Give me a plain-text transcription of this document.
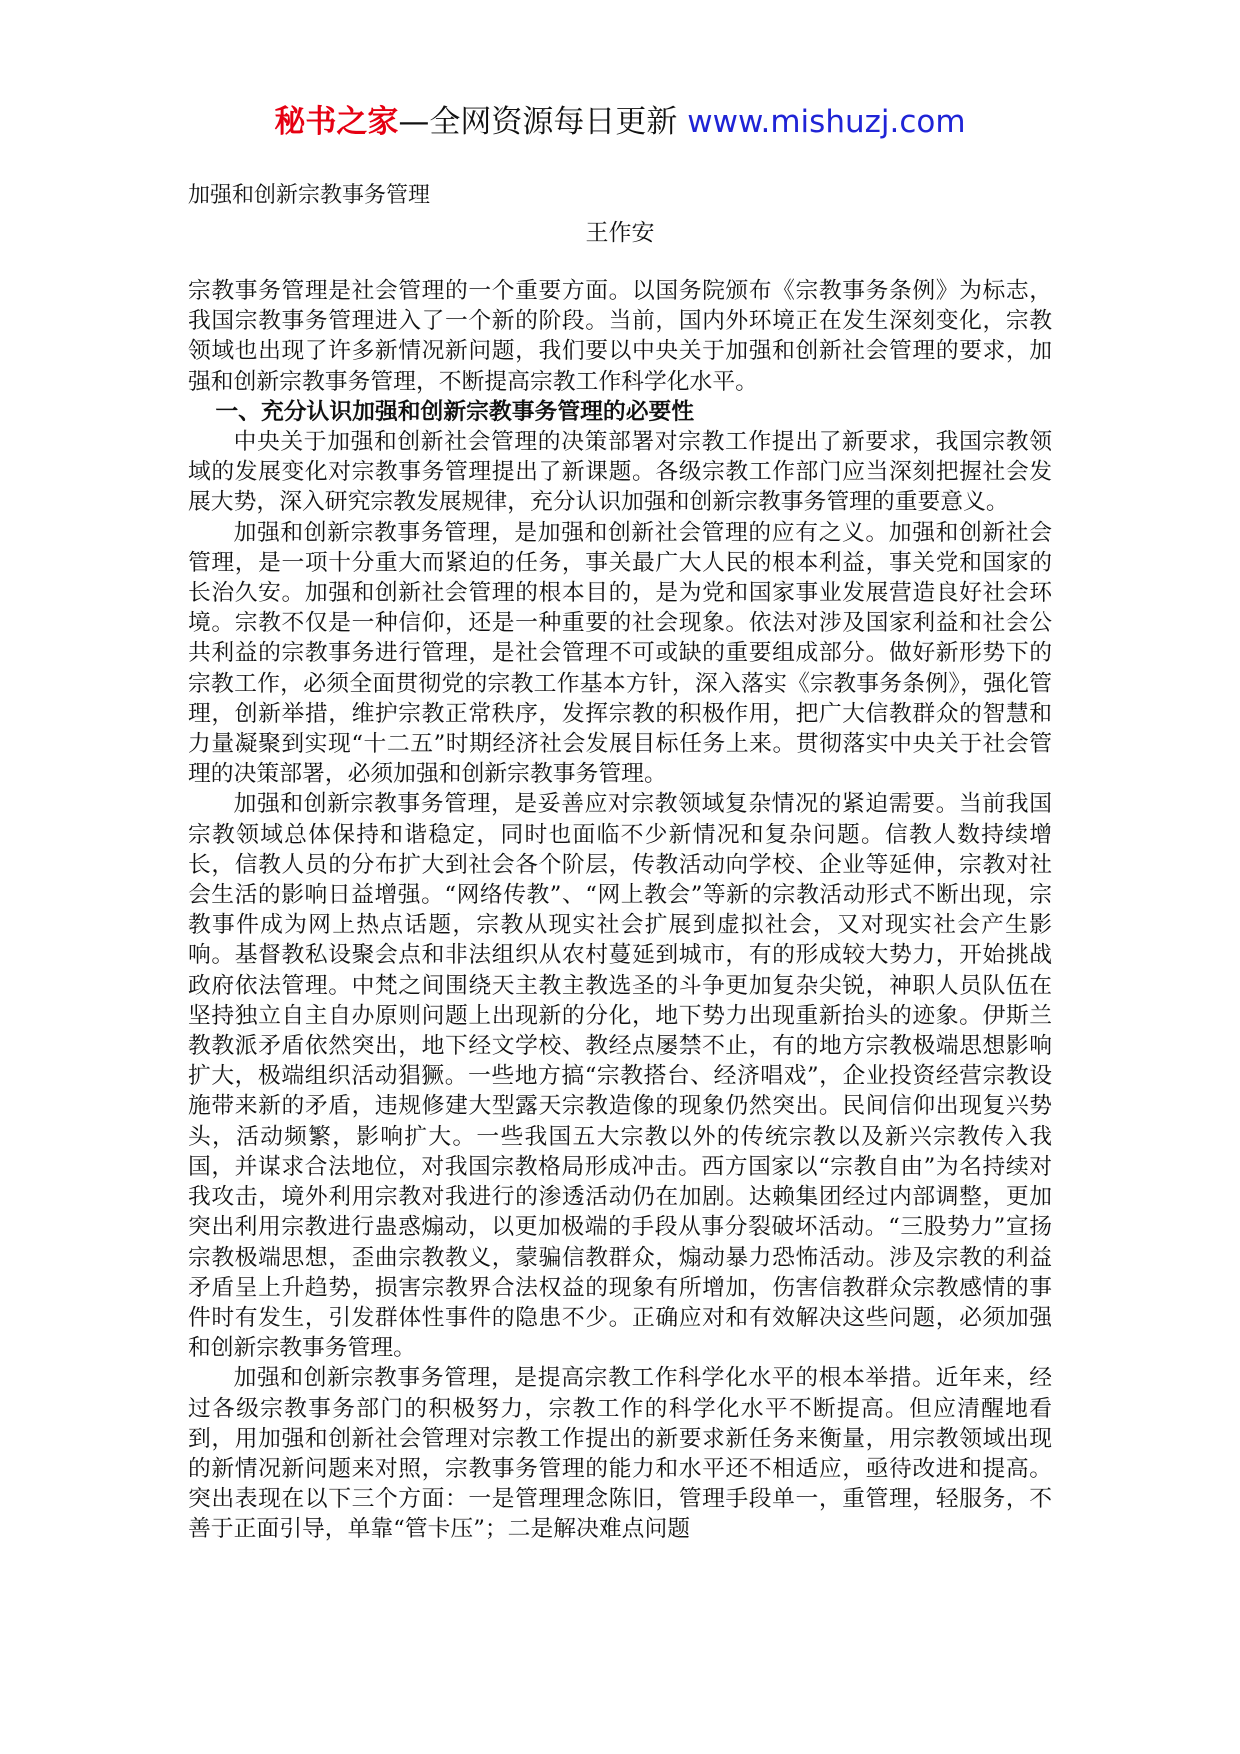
秘书之家—全网资源每日更新 www.mishuzj.com
加强和创新宗教事务管理
王作安

宗教事务管理是社会管理的一个重要方面。以国务院颁布《宗教事务条例》为标志，我国宗教事务管理进入了一个新的阶段。当前，国内外环境正在发生深刻变化，宗教领域也出现了许多新情况新问题，我们要以中央关于加强和创新社会管理的要求，加强和创新宗教事务管理，不断提高宗教工作科学化水平。

一、充分认识加强和创新宗教事务管理的必要性

中央关于加强和创新社会管理的决策部署对宗教工作提出了新要求，我国宗教领域的发展变化对宗教事务管理提出了新课题。各级宗教工作部门应当深刻把握社会发展大势，深入研究宗教发展规律，充分认识加强和创新宗教事务管理的重要意义。

加强和创新宗教事务管理，是加强和创新社会管理的应有之义。加强和创新社会管理，是一项十分重大而紧迫的任务，事关最广大人民的根本利益，事关党和国家的长治久安。加强和创新社会管理的根本目的，是为党和国家事业发展营造良好社会环境。宗教不仅是一种信仰，还是一种重要的社会现象。依法对涉及国家利益和社会公共利益的宗教事务进行管理，是社会管理不可或缺的重要组成部分。做好新形势下的宗教工作，必须全面贯彻党的宗教工作基本方针，深入落实《宗教事务条例》，强化管理，创新举措，维护宗教正常秩序，发挥宗教的积极作用，把广大信教群众的智慧和力量凝聚到实现“十二五”时期经济社会发展目标任务上来。贯彻落实中央关于社会管理的决策部署，必须加强和创新宗教事务管理。

加强和创新宗教事务管理，是妥善应对宗教领域复杂情况的紧迫需要。当前我国宗教领域总体保持和谐稳定，同时也面临不少新情况和复杂问题。信教人数持续增长，信教人员的分布扩大到社会各个阶层，传教活动向学校、企业等延伸，宗教对社会生活的影响日益增强。“网络传教”、“网上教会”等新的宗教活动形式不断出现，宗教事件成为网上热点话题，宗教从现实社会扩展到虚拟社会，又对现实社会产生影响。基督教私设聚会点和非法组织从农村蔓延到城市，有的形成较大势力，开始挑战政府依法管理。中梵之间围绕天主教主教选圣的斗争更加复杂尖锐，神职人员队伍在坚持独立自主自办原则问题上出现新的分化，地下势力出现重新抬头的迹象。伊斯兰教教派矛盾依然突出，地下经文学校、教经点屡禁不止，有的地方宗教极端思想影响扩大，极端组织活动猖獗。一些地方搞“宗教搭台、经济唱戏”，企业投资经营宗教设施带来新的矛盾，违规修建大型露天宗教造像的现象仍然突出。民间信仰出现复兴势头，活动频繁，影响扩大。一些我国五大宗教以外的传统宗教以及新兴宗教传入我国，并谋求合法地位，对我国宗教格局形成冲击。西方国家以“宗教自由”为名持续对我攻击，境外利用宗教对我进行的渗透活动仍在加剧。达赖集团经过内部调整，更加突出利用宗教进行蛊惑煽动，以更加极端的手段从事分裂破坏活动。“三股势力”宣扬宗教极端思想，歪曲宗教教义，蒙骗信教群众，煽动暴力恐怖活动。涉及宗教的利益矛盾呈上升趋势，损害宗教界合法权益的现象有所增加，伤害信教群众宗教感情的事件时有发生，引发群体性事件的隐患不少。正确应对和有效解决这些问题，必须加强和创新宗教事务管理。

加强和创新宗教事务管理，是提高宗教工作科学化水平的根本举措。近年来，经过各级宗教事务部门的积极努力，宗教工作的科学化水平不断提高。但应清醒地看到，用加强和创新社会管理对宗教工作提出的新要求新任务来衡量，用宗教领域出现的新情况新问题来对照，宗教事务管理的能力和水平还不相适应，亟待改进和提高。突出表现在以下三个方面：一是管理理念陈旧，管理手段单一，重管理，轻服务，不善于正面引导，单靠“管卡压”；二是解决难点问题
